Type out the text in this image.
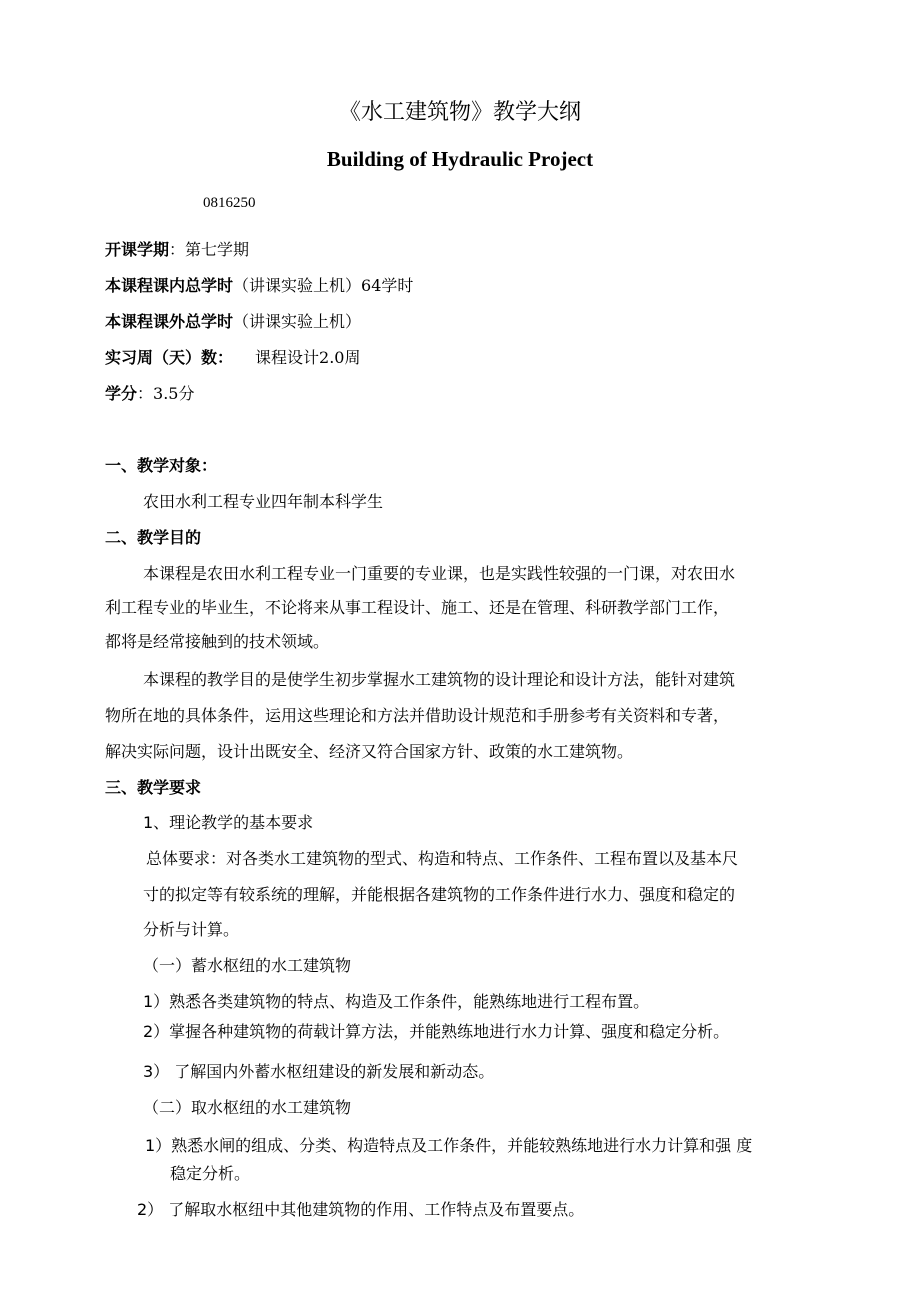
《水工建筑物》教学大纲
Building of Hydraulic Project
0816250
开课学期：第七学期
本课程课内总学时（讲课实验上机）64学时
本课程课外总学时（讲课实验上机）
实习周（天）数： 课程设计2.0周
学分：3.5分
一、教学对象：
农田水利工程专业四年制本科学生
二、教学目的
本课程是农田水利工程专业一门重要的专业课，也是实践性较强的一门课，对农田水
利工程专业的毕业生，不论将来从事工程设计、施工、还是在管理、科研教学部门工作，
都将是经常接触到的技术领域。
本课程的教学目的是使学生初步掌握水工建筑物的设计理论和设计方法，能针对建筑
物所在地的具体条件，运用这些理论和方法并借助设计规范和手册参考有关资料和专著，
解决实际问题，设计出既安全、经济又符合国家方针、政策的水工建筑物。
三、教学要求
1、理论教学的基本要求
总体要求：对各类水工建筑物的型式、构造和特点、工作条件、工程布置以及基本尺
寸的拟定等有较系统的理解，并能根据各建筑物的工作条件进行水力、强度和稳定的
分析与计算。
（一）蓄水枢纽的水工建筑物
1）熟悉各类建筑物的特点、构造及工作条件，能熟练地进行工程布置。
2）掌握各种建筑物的荷载计算方法，并能熟练地进行水力计算、强度和稳定分析。
3） 了解国内外蓄水枢纽建设的新发展和新动态。
（二）取水枢纽的水工建筑物
1）熟悉水闸的组成、分类、构造特点及工作条件，并能较熟练地进行水力计算和强 度
稳定分析。
2） 了解取水枢纽中其他建筑物的作用、工作特点及布置要点。
